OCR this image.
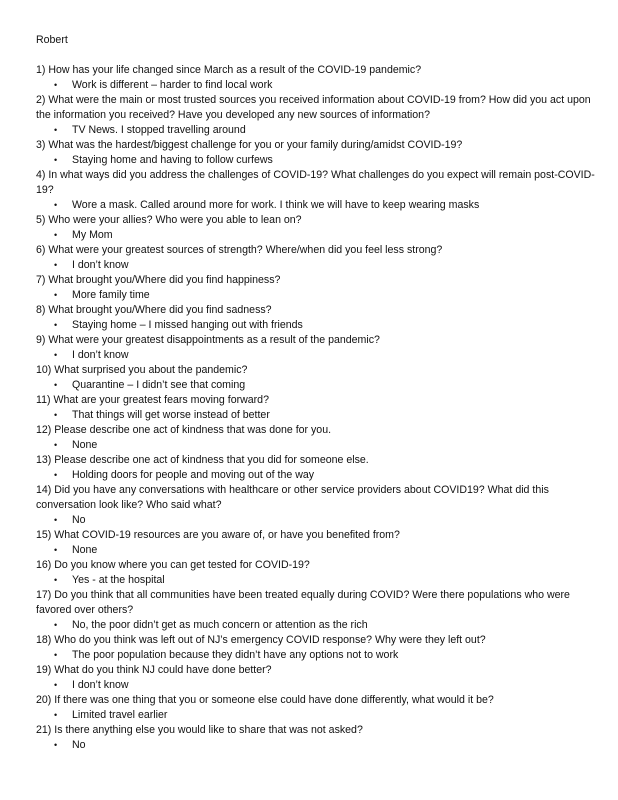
Robert
1) How has your life changed since March as a result of the COVID-19 pandemic?
• Work is different – harder to find local work
2) What were the main or most trusted sources you received information about COVID-19 from? How did you act upon the information you received? Have you developed any new sources of information?
• TV News. I stopped travelling around
3) What was the hardest/biggest challenge for you or your family during/amidst COVID-19?
• Staying home and having to follow curfews
4) In what ways did you address the challenges of COVID-19? What challenges do you expect will remain post-COVID-19?
• Wore a mask. Called around more for work. I think we will have to keep wearing masks
5) Who were your allies? Who were you able to lean on?
• My Mom
6) What were your greatest sources of strength? Where/when did you feel less strong?
• I don’t know
7) What brought you/Where did you find happiness?
• More family time
8) What brought you/Where did you find sadness?
• Staying home – I missed hanging out with friends
9) What were your greatest disappointments as a result of the pandemic?
• I don’t know
10) What surprised you about the pandemic?
• Quarantine – I didn’t see that coming
11) What are your greatest fears moving forward?
• That things will get worse instead of better
12) Please describe one act of kindness that was done for you.
• None
13) Please describe one act of kindness that you did for someone else.
• Holding doors for people and moving out of the way
14) Did you have any conversations with healthcare or other service providers about COVID19? What did this conversation look like? Who said what?
• No
15) What COVID-19 resources are you aware of, or have you benefited from?
• None
16) Do you know where you can get tested for COVID-19?
• Yes - at the hospital
17) Do you think that all communities have been treated equally during COVID? Were there populations who were favored over others?
• No, the poor didn’t get as much concern or attention as the rich
18) Who do you think was left out of NJ’s emergency COVID response? Why were they left out?
• The poor population because they didn’t have any options not to work
19) What do you think NJ could have done better?
• I don’t know
20) If there was one thing that you or someone else could have done differently, what would it be?
• Limited travel earlier
21) Is there anything else you would like to share that was not asked?
• No
